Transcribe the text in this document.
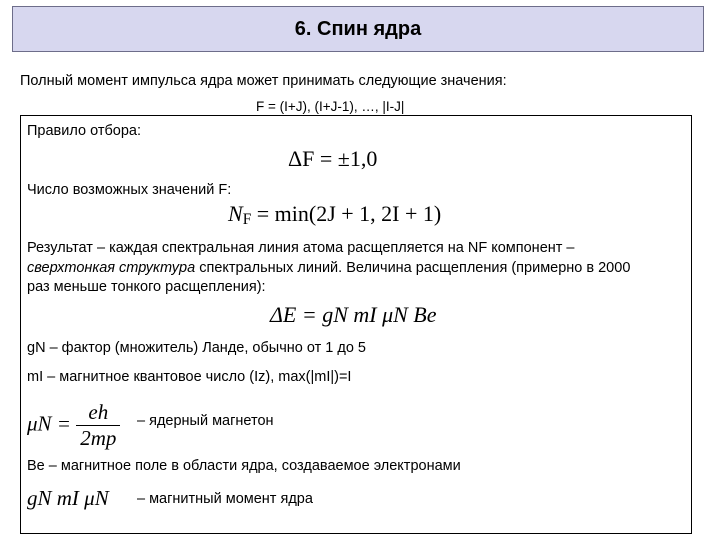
6. Спин ядра
Полный момент импульса ядра может принимать следующие значения:
F = (I+J), (I+J-1), …, |I-J|
Правило отбора:
ΔF = ±1,0
Число возможных значений F:
$N_F = \min(2J + 1$, 2I + 1)
Результат – каждая спектральная линия атома расщепляется на NF компонент –
сверхтонкая структура спектральных линий. Величина расщепления (примерно в 2000
раз меньше тонкого расщепления):
ΔE = gN mI μN Be
gN – фактор (множитель) Ланде, обычно от 1 до 5
mI – магнитное квантовое число (Iz), max(|mI|)=I
$\mu N = \frac{eh}{2mp}$ – ядерный магнетон
Be – магнитное поле в области ядра, создаваемое электронами
gN mI μN – магнитный момент ядра
